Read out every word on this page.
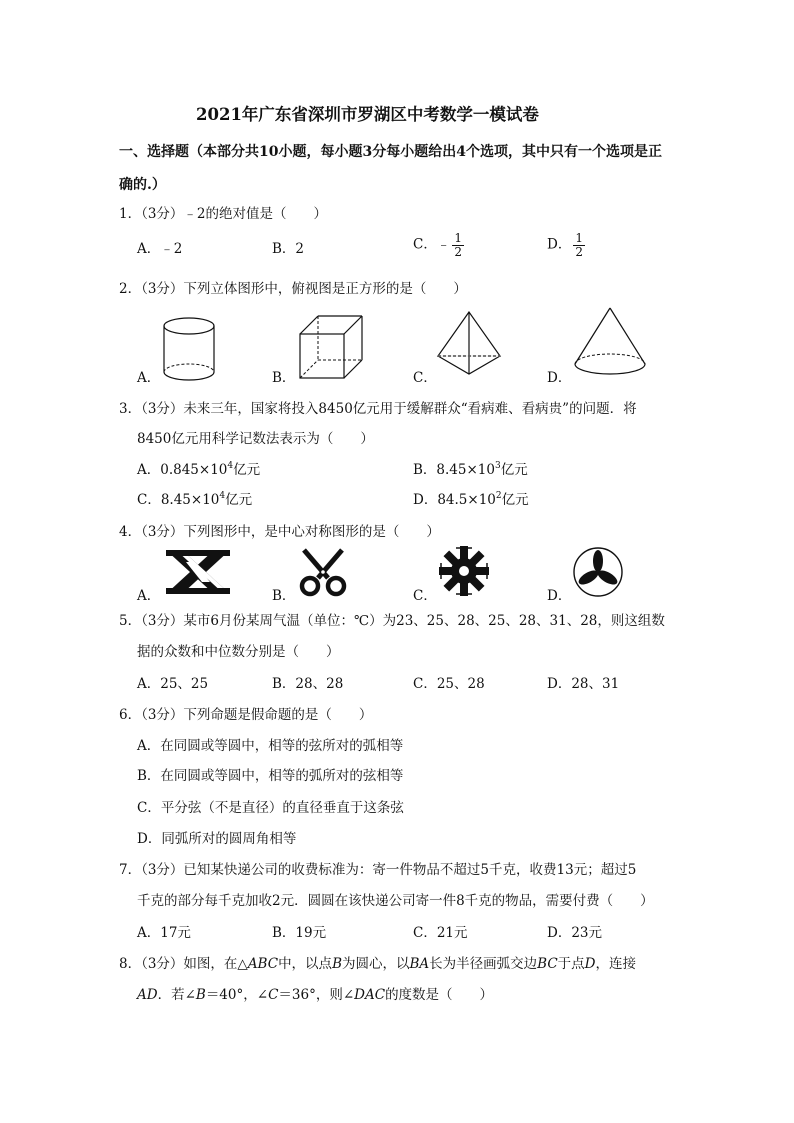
2021年广东省深圳市罗湖区中考数学一模试卷
一、选择题（本部分共10小题，每小题3分每小题给出4个选项，其中只有一个选项是正
确的.）
1．（3分）﹣2的绝对值是（　　）
A．﹣2	B．2	C．﹣ $\frac{1}{2}$	D． $\frac{1}{2}$
2．（3分）下列立体图形中，俯视图是正方形的是（　　）
A．	B．	C．	D．
3．（3分）未来三年，国家将投入8450亿元用于缓解群众“看病难、看病贵”的问题．将
8450亿元用科学记数法表示为（　　）
A．$0.845\times 10^4$亿元	B．$8.45\times 10^3$亿元
C．$8.45\times 10^4$亿元	D．$84.5\times 10^2$亿元
4．（3分）下列图形中，是中心对称图形的是（　　）
A．	B．	C．	D．
5．（3分）某市6月份某周气温（单位：℃）为23、25、28、25、28、31、28，则这组数
据的众数和中位数分别是（　　）
A．25、25	B．28、28	C．25、28	D．28、31
6．（3分）下列命题是假命题的是（　　）
A．在同圆或等圆中，相等的弦所对的弧相等
B．在同圆或等圆中，相等的弧所对的弦相等
C．平分弦（不是直径）的直径垂直于这条弦
D．同弧所对的圆周角相等
7．（3分）已知某快递公司的收费标准为：寄一件物品不超过5千克，收费13元；超过5
千克的部分每千克加收2元．圆圆在该快递公司寄一件8千克的物品，需要付费（　　）
A．17元	B．19元	C．21元	D．23元
8．（3分）如图，在△ABC中，以点B为圆心，以BA长为半径画弧交边BC于点D，连接
AD．若∠B＝40°，∠C＝36°，则∠DAC的度数是（　　）
